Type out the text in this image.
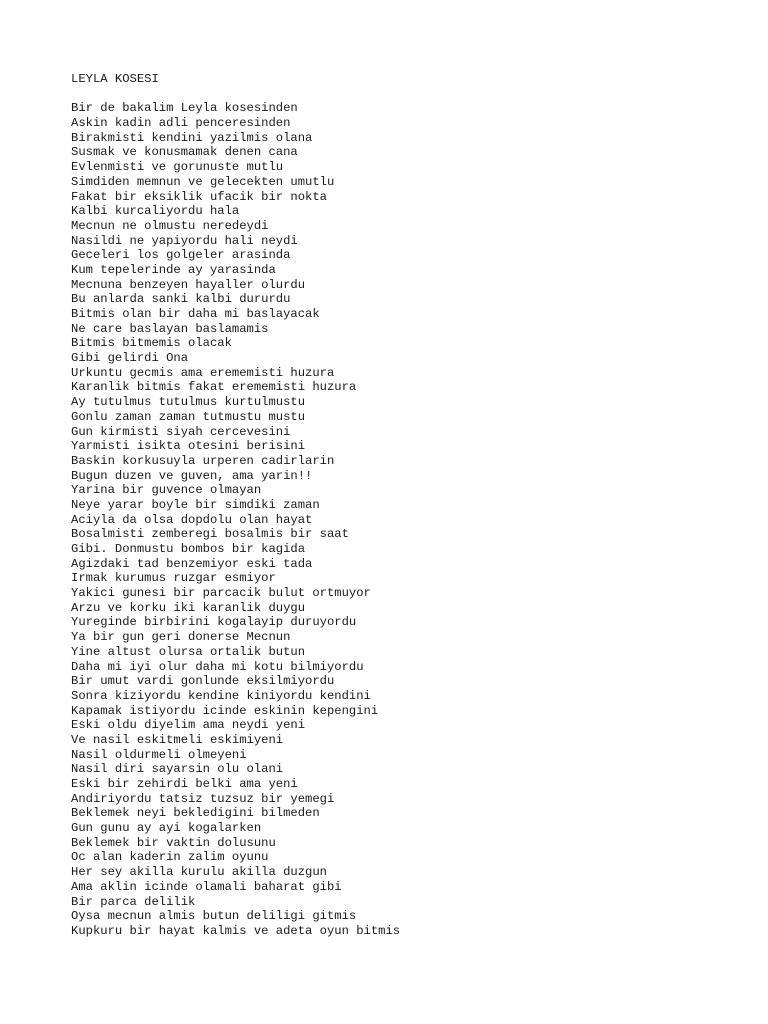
LEYLA KOSESI
Bir de bakalim Leyla kosesinden
Askin kadin adli penceresinden
Birakmisti kendini yazilmis olana
Susmak ve konusmamak denen cana
Evlenmisti ve gorunuste mutlu
Simdiden memnun ve gelecekten umutlu
Fakat bir eksiklik ufacik bir nokta
Kalbi kurcaliyordu hala
Mecnun ne olmustu neredeydi
Nasildi ne yapiyordu hali neydi
Geceleri los golgeler arasinda
Kum tepelerinde ay yarasinda
Mecnuna benzeyen hayaller olurdu
Bu anlarda sanki kalbi dururdu
Bitmis olan bir daha mi baslayacak
Ne care baslayan baslamamis
Bitmis bitmemis olacak
Gibi gelirdi Ona
Urkuntu gecmis ama erememisti huzura
Karanlik bitmis fakat erememisti huzura
Ay tutulmus tutulmus kurtulmustu
Gonlu zaman zaman tutmustu mustu
Gun kirmisti siyah cercevesini
Yarmisti isikta otesini berisini
Baskin korkusuyla urperen cadirlarin
Bugun duzen ve guven, ama yarin!!
Yarina bir guvence olmayan
Neye yarar boyle bir simdiki zaman
Aciyla da olsa dopdolu olan hayat
Bosalmisti zemberegi bosalmis bir saat
Gibi. Donmustu bombos bir kagida
Agizdaki tad benzemiyor eski tada
Irmak kurumus ruzgar esmiyor
Yakici gunesi bir parcacik bulut ortmuyor
Arzu ve korku iki karanlik duygu
Yureginde birbirini kogalayip duruyordu
Ya bir gun geri donerse Mecnun
Yine altust olursa ortalik butun
Daha mi iyi olur daha mi kotu bilmiyordu
Bir umut vardi gonlunde eksilmiyordu
Sonra kiziyordu kendine kiniyordu kendini
Kapamak istiyordu icinde eskinin kepengini
Eski oldu diyelim ama neydi yeni
Ve nasil eskitmeli eskimiyeni
Nasil oldurmeli olmeyeni
Nasil diri sayarsin olu olani
Eski bir zehirdi belki ama yeni
Andiriyordu tatsiz tuzsuz bir yemegi
Beklemek neyi bekledigini bilmeden
Gun gunu ay ayi kogalarken
Beklemek bir vaktin dolusunu
Oc alan kaderin zalim oyunu
Her sey akilla kurulu akilla duzgun
Ama aklin icinde olamali baharat gibi
Bir parca delilik
Oysa mecnun almis butun deliligi gitmis
Kupkuru bir hayat kalmis ve adeta oyun bitmis
